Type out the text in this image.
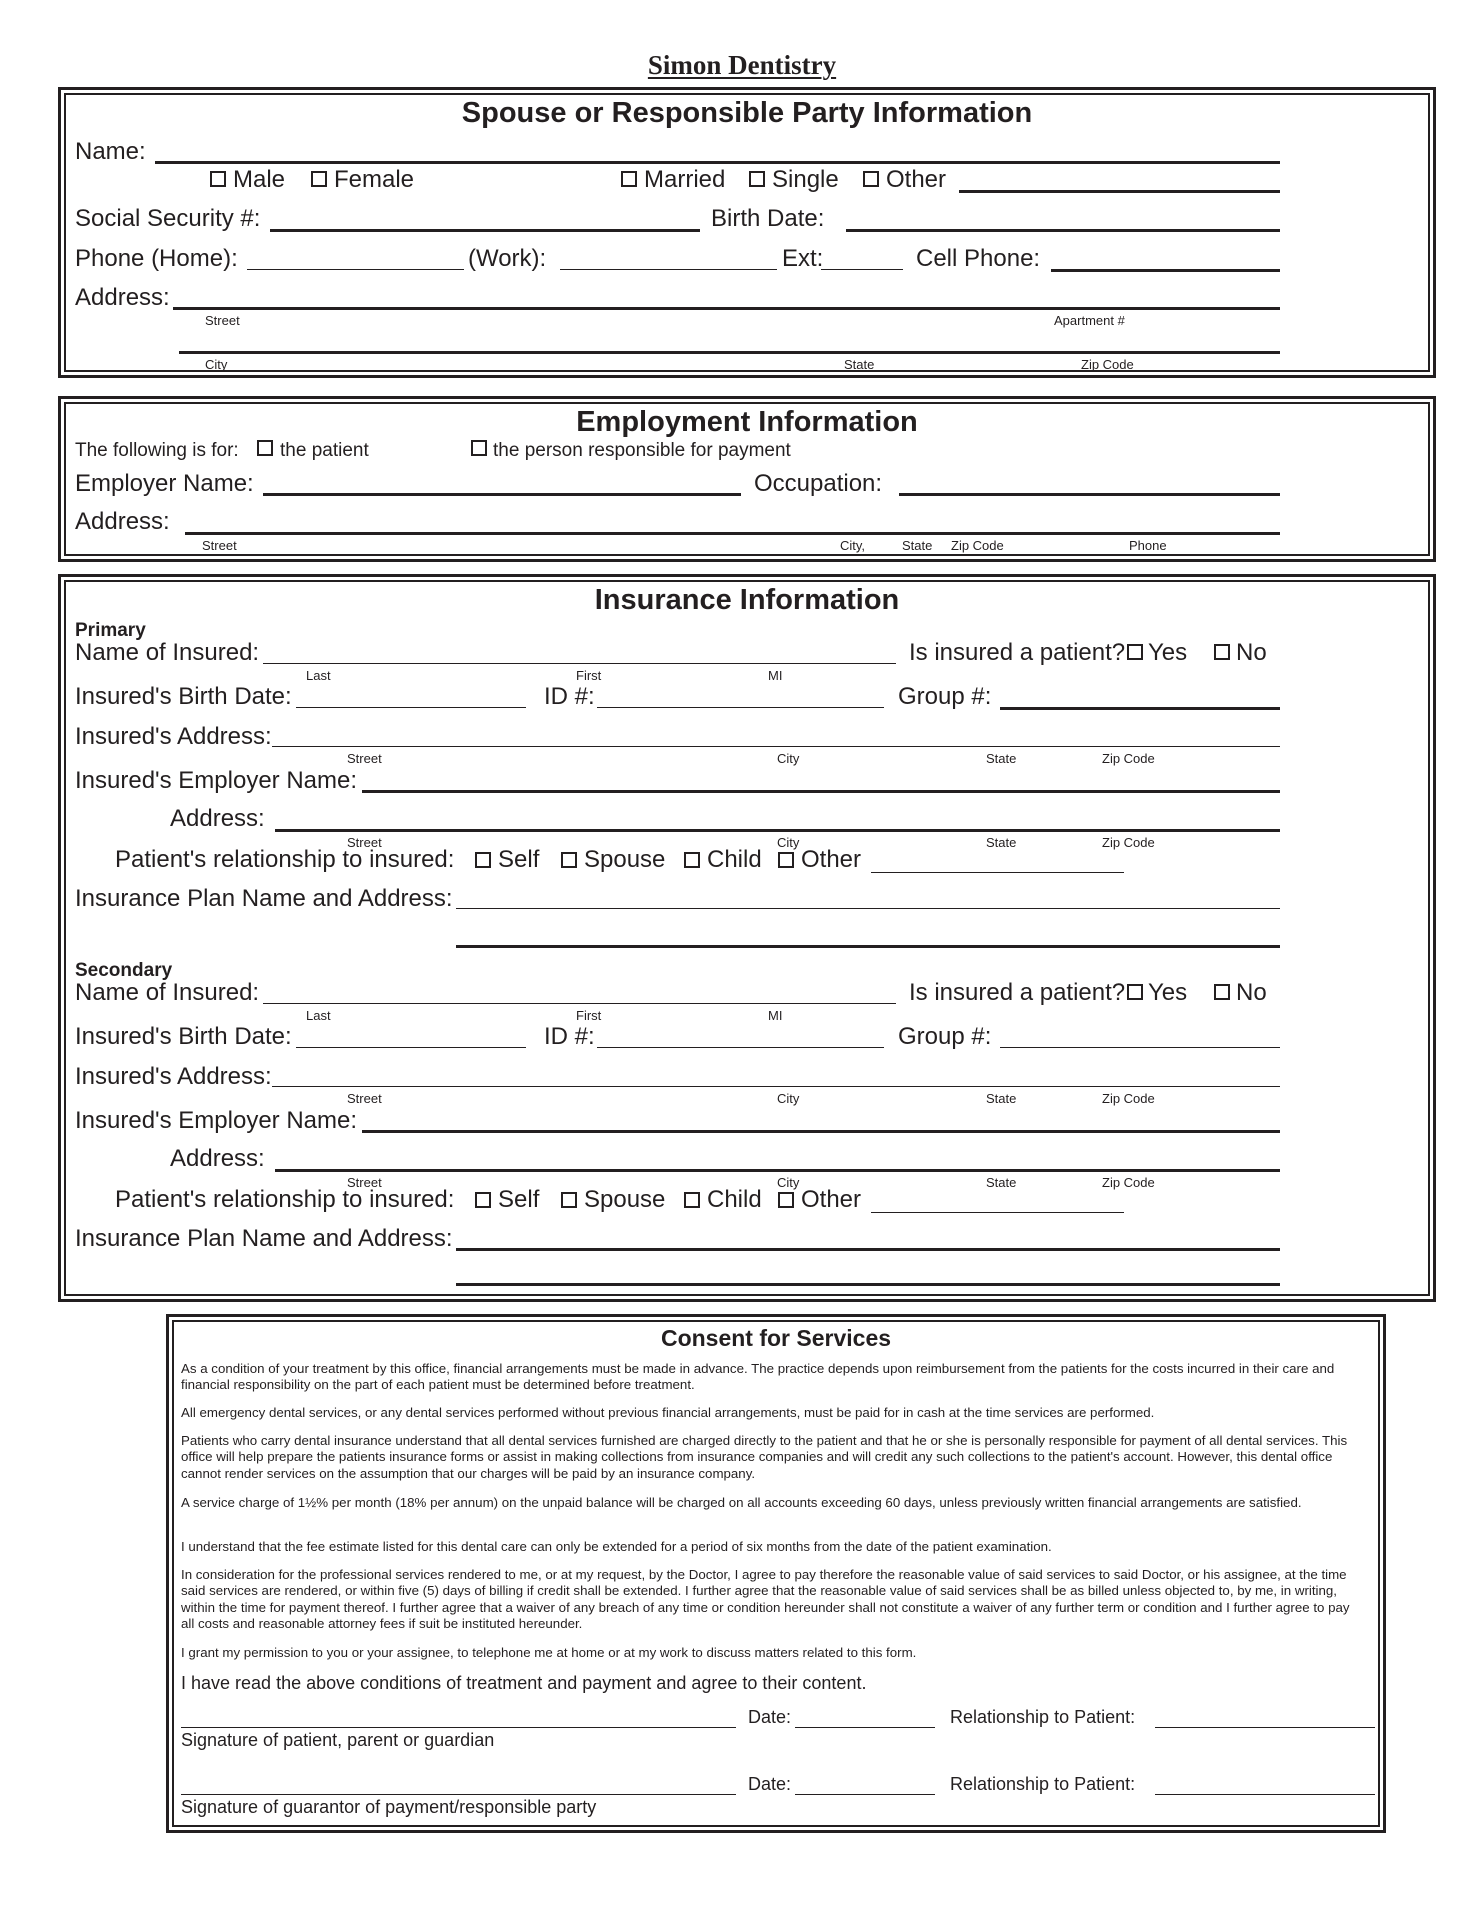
Simon Dentistry
Spouse or Responsible Party Information
Name:
Male Female	Married Single Other
Social Security #:	Birth Date:
Phone (Home):	(Work):	Ext:	Cell Phone:
Address:
Street	Apartment #
City	State	Zip Code
Employment Information
The following is for: the patient	the person responsible for payment
Employer Name:	Occupation:
Address:
Street	City,	State Zip Code	Phone
Insurance Information
Primary
Name of Insured:
Last	First	MI
Is insured a patient? Yes No
Insured's Birth Date:	ID #:	Group #:
Insured's Address:
Street	City	State	Zip Code
Insured's Employer Name:
Address:
Street	City	State	Zip Code
Patient's relationship to insured: Self Spouse Child Other
Insurance Plan Name and Address:
Secondary
Name of Insured:
Last	First	MI
Is insured a patient? Yes No
Insured's Birth Date:	ID #:	Group #:
Insured's Address:
Street	City	State	Zip Code
Insured's Employer Name:
Address:
Street	City	State	Zip Code
Patient's relationship to insured: Self Spouse Child Other
Insurance Plan Name and Address:
Consent for Services
As a condition of your treatment by this office, financial arrangements must be made in advance. The practice depends upon reimbursement from the patients for the costs incurred in their care and financial responsibility on the part of each patient must be determined before treatment.
All emergency dental services, or any dental services performed without previous financial arrangements, must be paid for in cash at the time services are performed.
Patients who carry dental insurance understand that all dental services furnished are charged directly to the patient and that he or she is personally responsible for payment of all dental services. This office will help prepare the patients insurance forms or assist in making collections from insurance companies and will credit any such collections to the patient's account. However, this dental office cannot render services on the assumption that our charges will be paid by an insurance company.
A service charge of 1½% per month (18% per annum) on the unpaid balance will be charged on all accounts exceeding 60 days, unless previously written financial arrangements are satisfied.
I understand that the fee estimate listed for this dental care can only be extended for a period of six months from the date of the patient examination.
In consideration for the professional services rendered to me, or at my request, by the Doctor, I agree to pay therefore the reasonable value of said services to said Doctor, or his assignee, at the time said services are rendered, or within five (5) days of billing if credit shall be extended. I further agree that the reasonable value of said services shall be as billed unless objected to, by me, in writing, within the time for payment thereof. I further agree that a waiver of any breach of any time or condition hereunder shall not constitute a waiver of any further term or condition and I further agree to pay all costs and reasonable attorney fees if suit be instituted hereunder.
I grant my permission to you or your assignee, to telephone me at home or at my work to discuss matters related to this form.
I have read the above conditions of treatment and payment and agree to their content.
Date:	Relationship to Patient:
Signature of patient, parent or guardian
Date:	Relationship to Patient:
Signature of guarantor of payment/responsible party
